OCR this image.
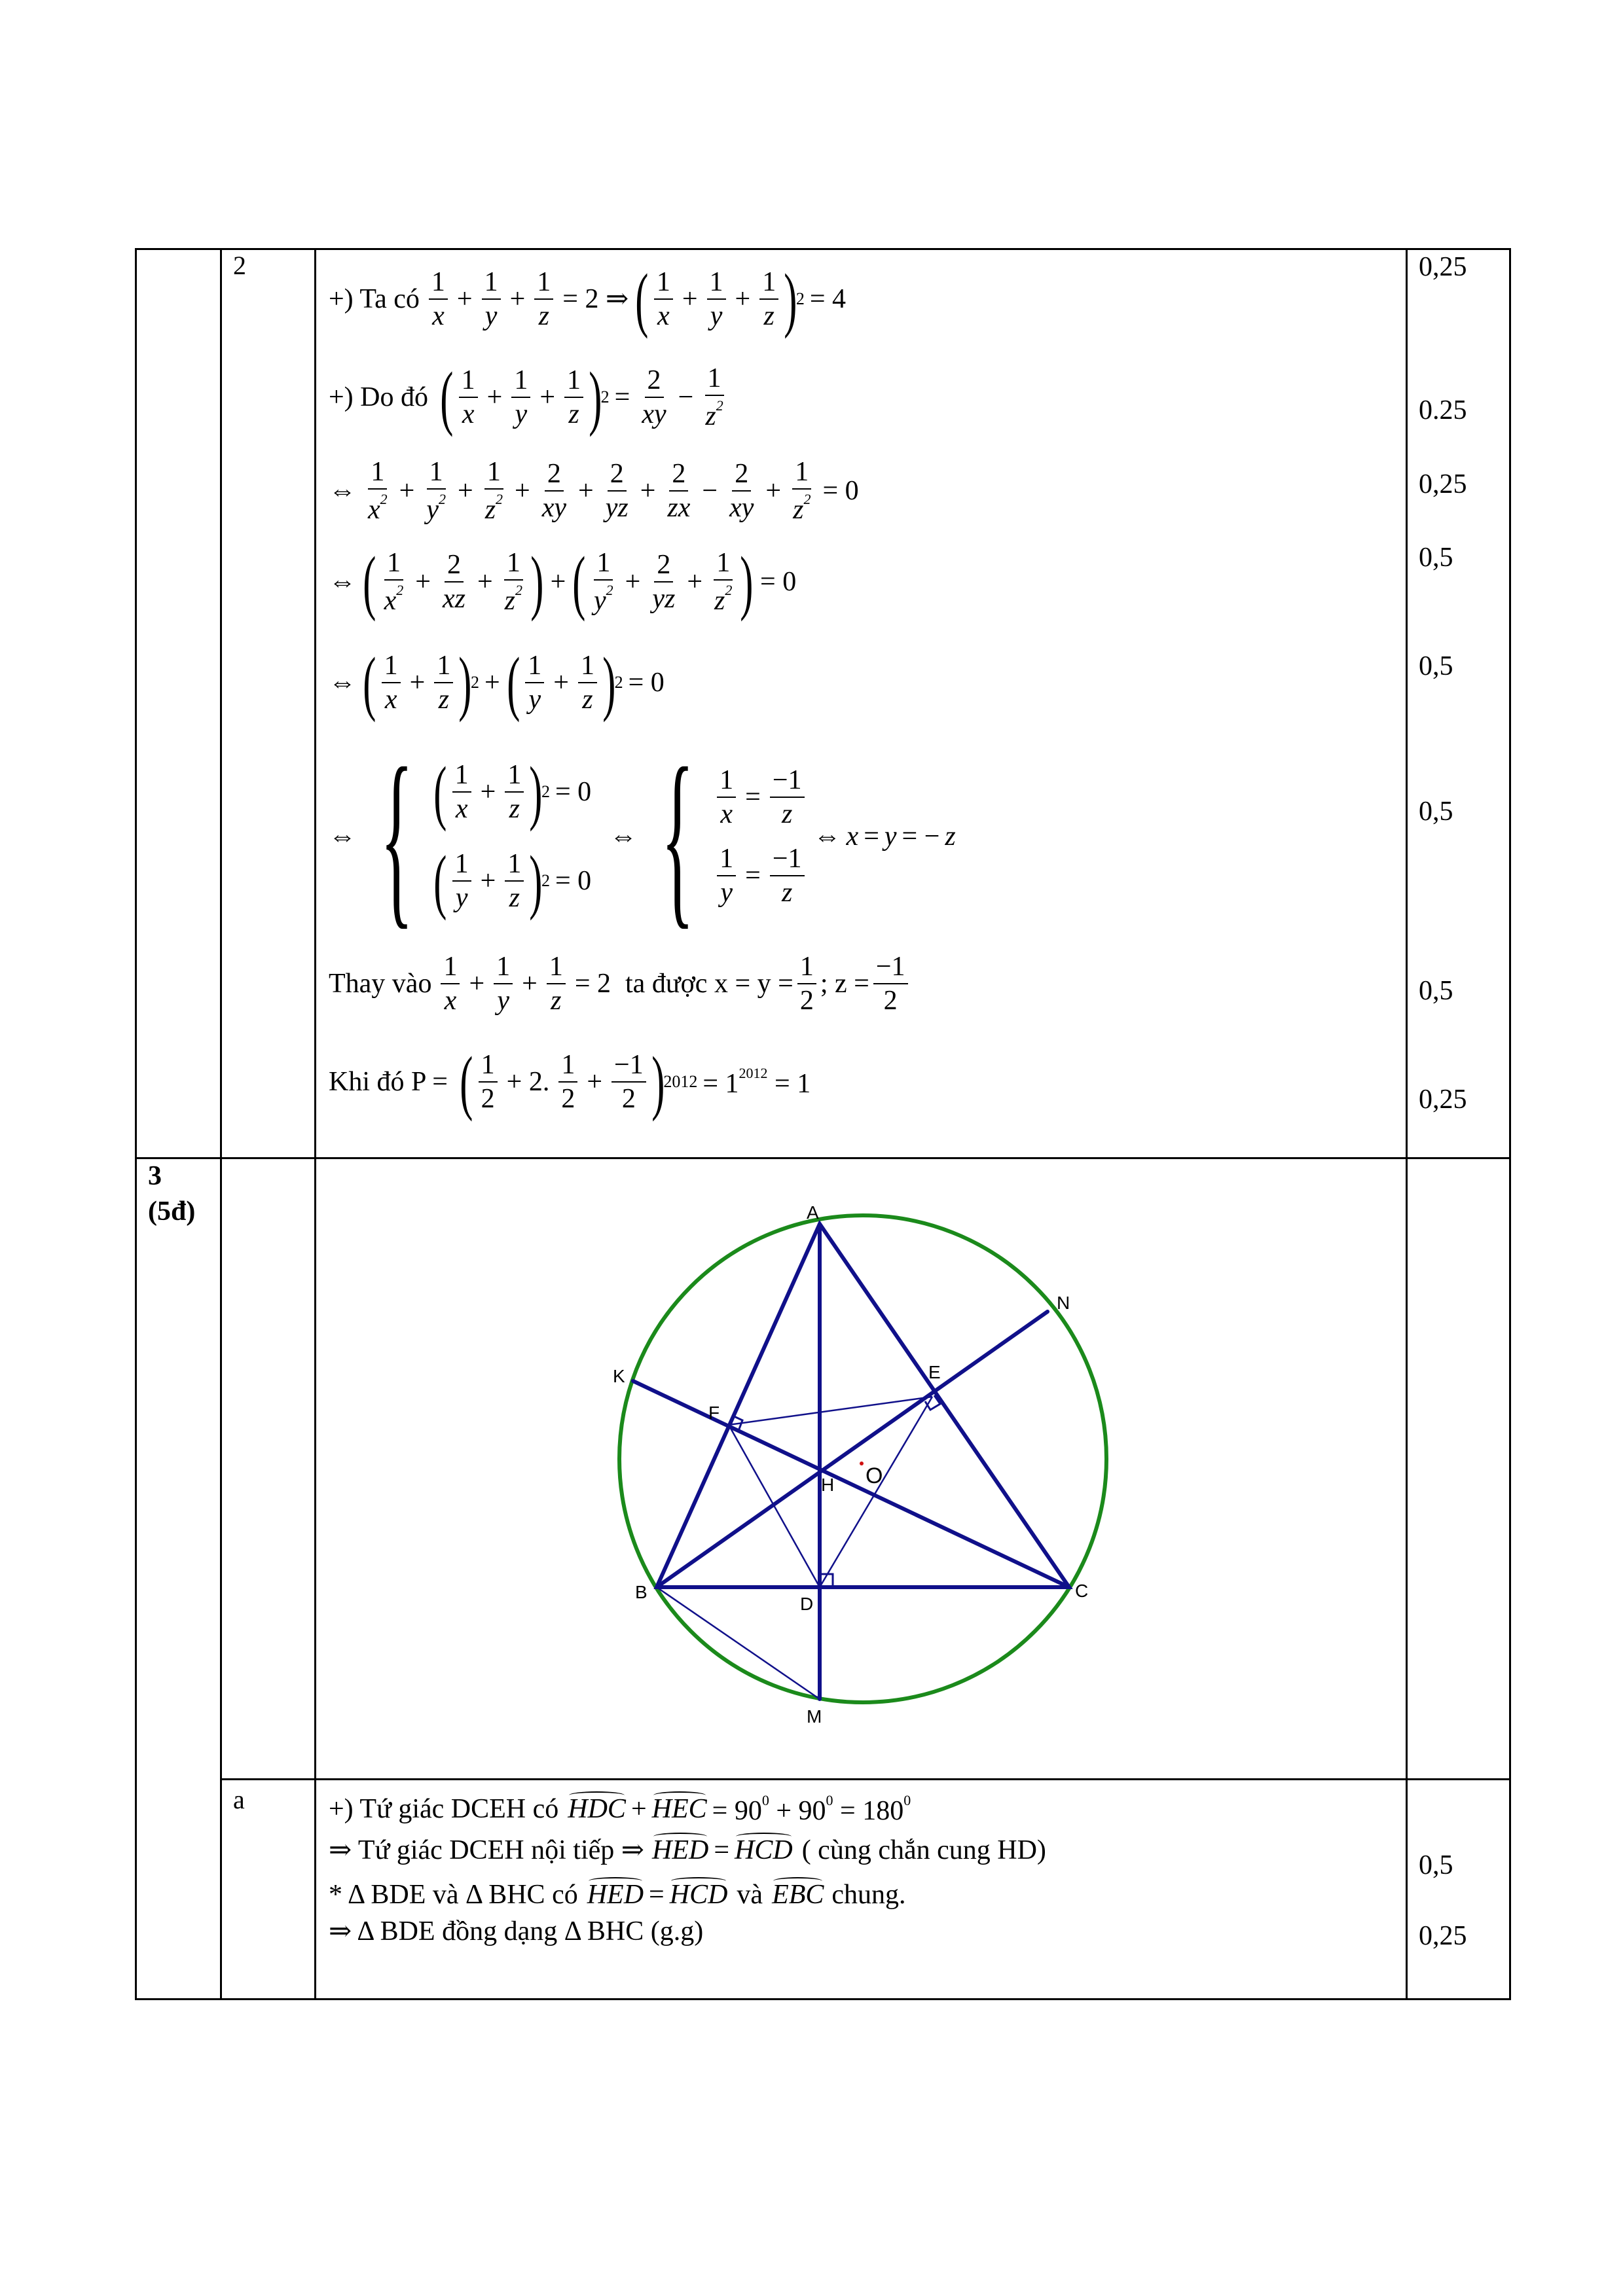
2
+) Ta có $\frac{1}{x} + \frac{1}{y} + \frac{1}{z} = 2$ ⇒ ( $\frac{1}{x} + \frac{1}{y} + \frac{1}{z}$ )
2 = 4
+) Do đó ( $\frac{1}{x} + \frac{1}{y} + \frac{1}{z}$ )
$2 = \frac{2}{xy} - \frac{1}{z^2}$
⇔ $\frac{1}{x^2} + \frac{1}{y^2} + \frac{1}{z^2} + \frac{2}{xy} + \frac{2}{yz} + \frac{2}{zx} - \frac{2}{xy} + \frac{1}{z^2} = 0$
⇔ ( $\frac{1}{x^2} + \frac{2}{xz} + \frac{1}{z^2}$ ) + ( $\frac{1}{y^2} + \frac{2}{yz} + \frac{1}{z^2}$ ) = 0
⇔ ( $\frac{1}{x} + \frac{1}{z}$ )
2 + ( $\frac{1}{y} + \frac{1}{z}$ )
2 = 0
⇔ { ( $\frac{1}{x} + \frac{1}{z}$ )
2 = 0
( $\frac{1}{y} + \frac{1}{z}$ )
2 = 0
⇔ { $\frac{1}{x} = \frac{-1}{z}$
$\frac{1}{y} = \frac{-1}{z}$
⇔ x = y = − z
Thay vào $\frac{1}{x} + \frac{1}{y} + \frac{1}{z} = 2$ ta được $x = y = \frac{1}{2}$ ; $z = \frac{-1}{2}$
Khi đó P = ( $\frac{1}{2} + 2$. $\frac{1}{2} + \frac{-1}{2}$ )
$2012 = 1^{2012} = 1$
0,25
0.25
0,25
0,5
0,5
0,5
0,5
0,25
3
(5đ)	A
N
E
K
F
H O
B
D
C
M
a	+) Tứ giác DCEH có HDC + HEC = $90^0 + 90^0 = 180^0$
⇒ Tứ giác DCEH nội tiếp ⇒ HED = HCD ( cùng chắn cung HD)
* Δ BDE và Δ BHC có HED = HCD và EBC chung.
⇒ Δ BDE đồng dạng Δ BHC (g.g)
0,5
0,25
